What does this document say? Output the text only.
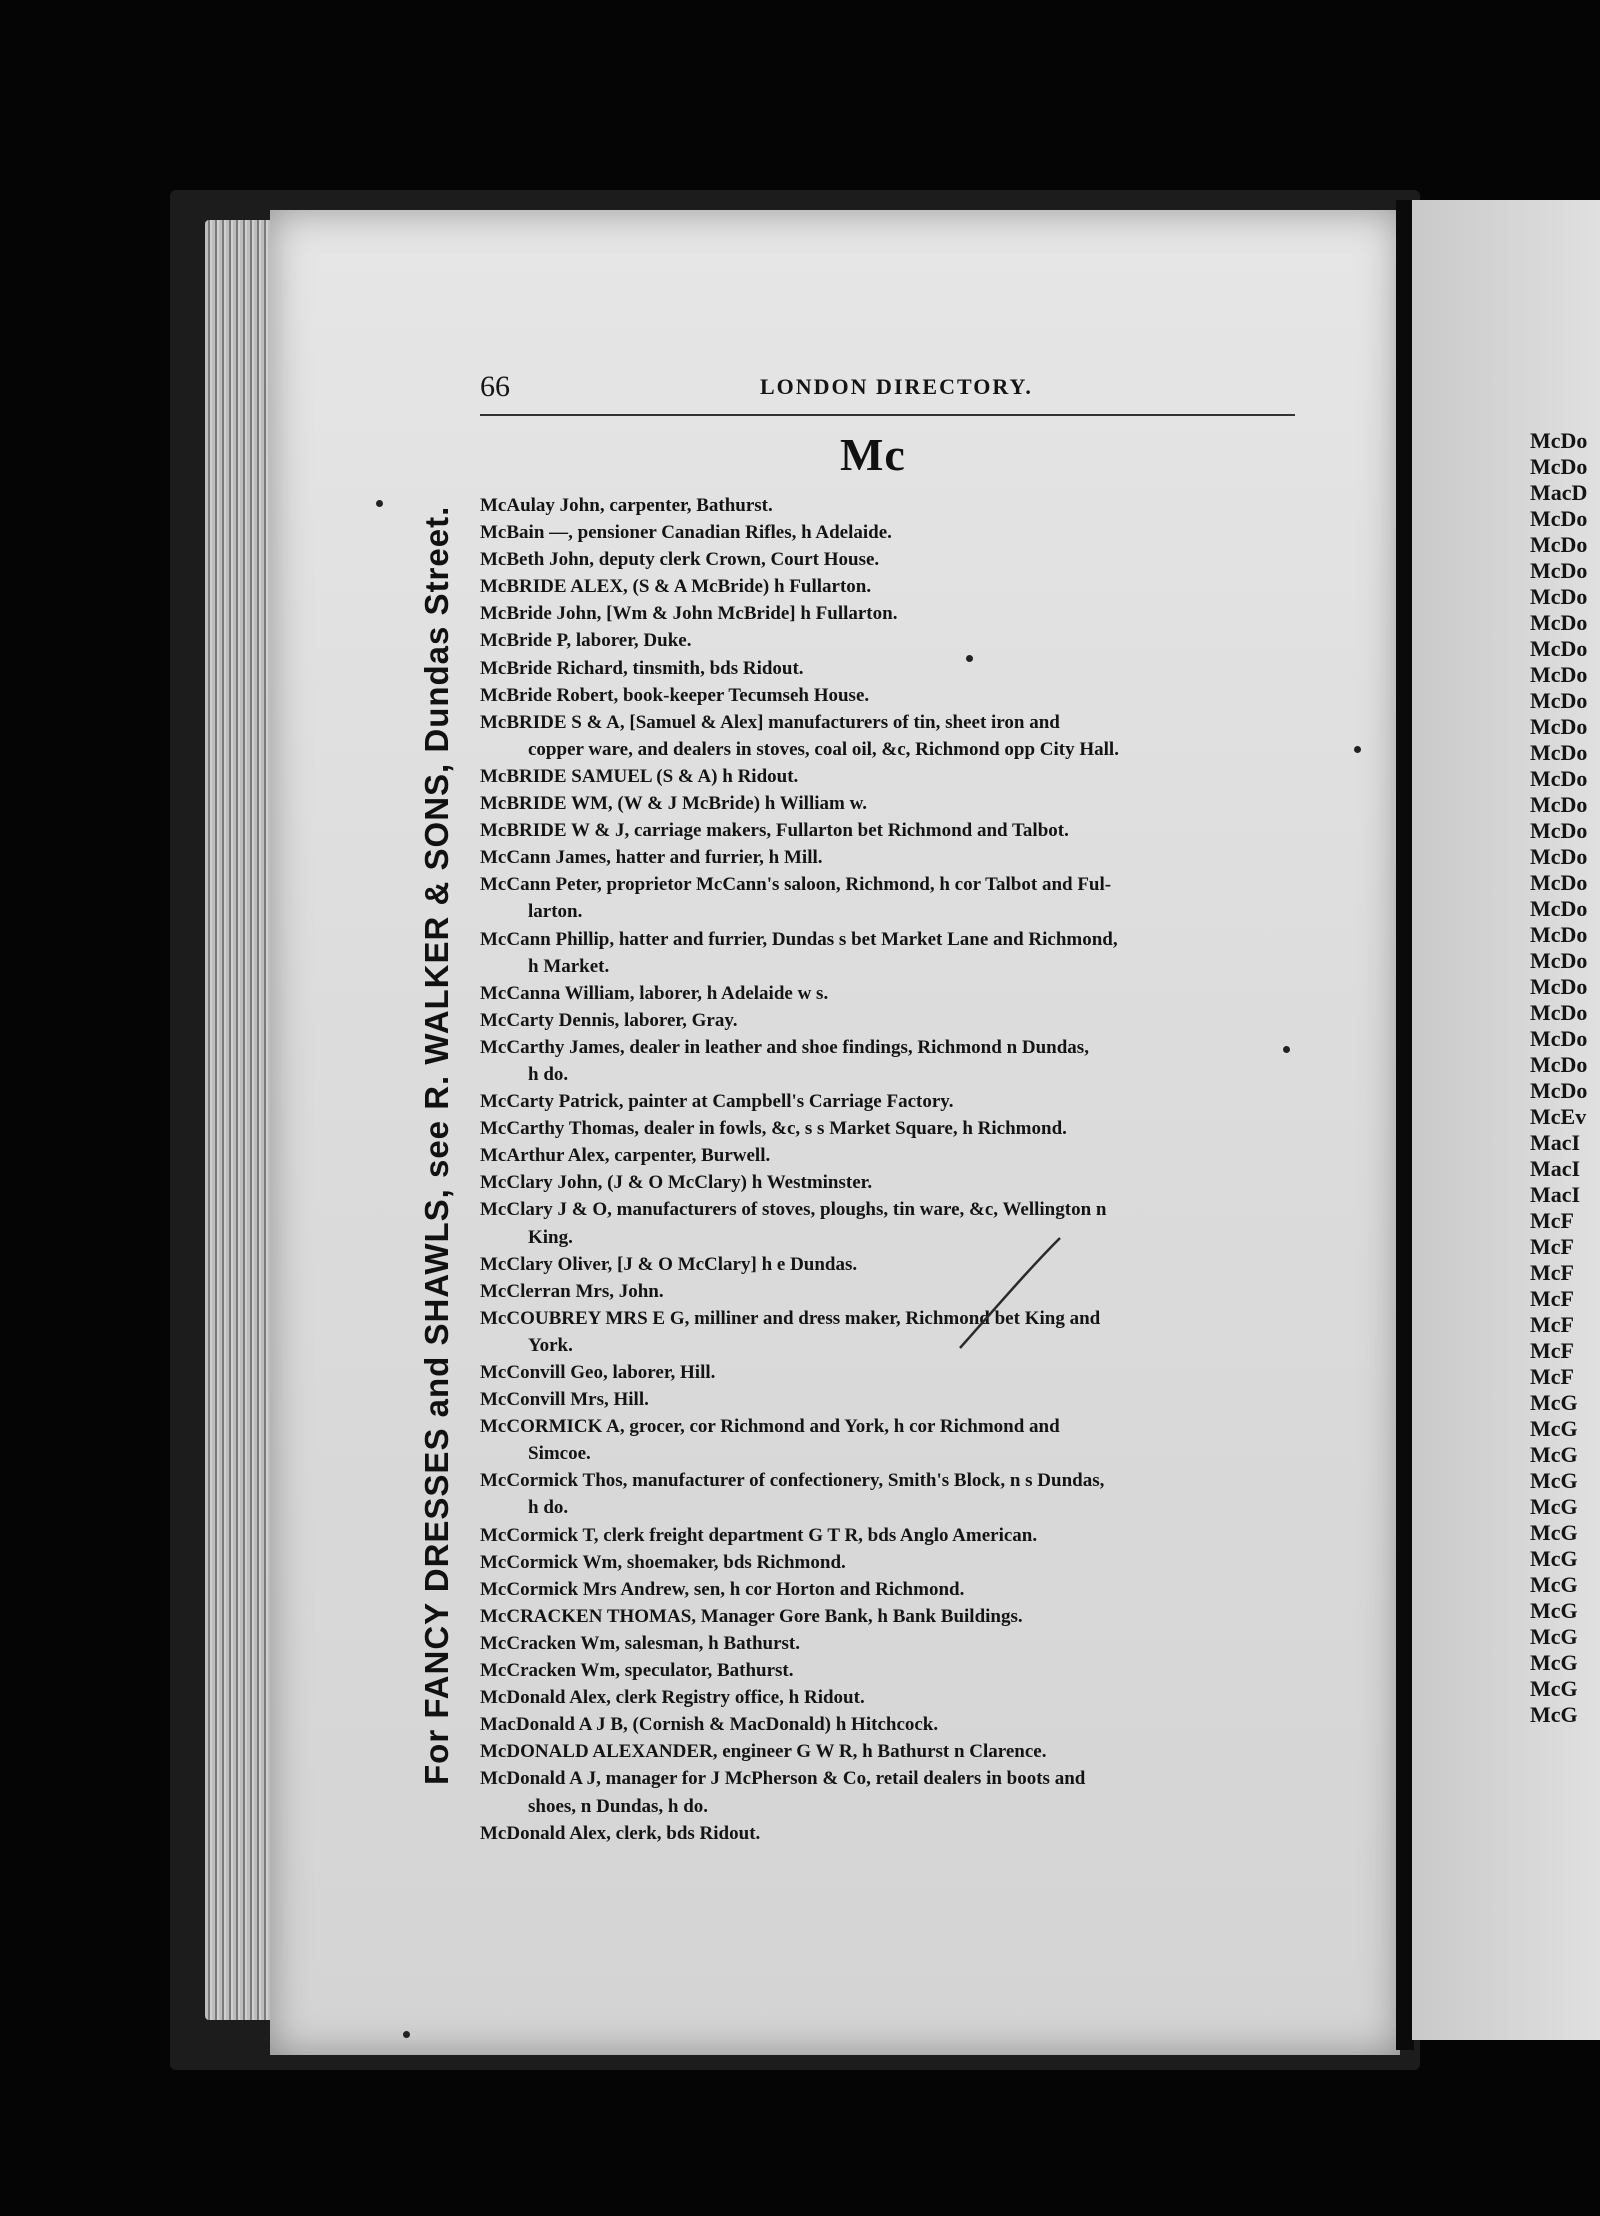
For FANCY DRESSES and SHAWLS, see R. WALKER & SONS, Dundas Street.
66	LONDON DIRECTORY.
Mc
McAulay John, carpenter, Bathurst.
McBain —, pensioner Canadian Rifles, h Adelaide.
McBeth John, deputy clerk Crown, Court House.
McBRIDE ALEX, (S & A McBride) h Fullarton.
McBride John, [Wm & John McBride] h Fullarton.
McBride P, laborer, Duke.
McBride Richard, tinsmith, bds Ridout.
McBride Robert, book-keeper Tecumseh House.
McBRIDE S & A, [Samuel & Alex] manufacturers of tin, sheet iron and
copper ware, and dealers in stoves, coal oil, &c, Richmond opp City Hall.
McBRIDE SAMUEL (S & A) h Ridout.
McBRIDE WM, (W & J McBride) h William w.
McBRIDE W & J, carriage makers, Fullarton bet Richmond and Talbot.
McCann James, hatter and furrier, h Mill.
McCann Peter, proprietor McCann's saloon, Richmond, h cor Talbot and Ful-
larton.
McCann Phillip, hatter and furrier, Dundas s bet Market Lane and Richmond,
h Market.
McCanna William, laborer, h Adelaide w s.
McCarty Dennis, laborer, Gray.
McCarthy James, dealer in leather and shoe findings, Richmond n Dundas,
h do.
McCarty Patrick, painter at Campbell's Carriage Factory.
McCarthy Thomas, dealer in fowls, &c, s s Market Square, h Richmond.
McArthur Alex, carpenter, Burwell.
McClary John, (J & O McClary) h Westminster.
McClary J & O, manufacturers of stoves, ploughs, tin ware, &c, Wellington n
King.
McClary Oliver, [J & O McClary] h e Dundas.
McClerran Mrs, John.
McCOUBREY MRS E G, milliner and dress maker, Richmond bet King and
York.
McConvill Geo, laborer, Hill.
McConvill Mrs, Hill.
McCORMICK A, grocer, cor Richmond and York, h cor Richmond and
Simcoe.
McCormick Thos, manufacturer of confectionery, Smith's Block, n s Dundas,
h do.
McCormick T, clerk freight department G T R, bds Anglo American.
McCormick Wm, shoemaker, bds Richmond.
McCormick Mrs Andrew, sen, h cor Horton and Richmond.
McCRACKEN THOMAS, Manager Gore Bank, h Bank Buildings.
McCracken Wm, salesman, h Bathurst.
McCracken Wm, speculator, Bathurst.
McDonald Alex, clerk Registry office, h Ridout.
MacDonald A J B, (Cornish & MacDonald) h Hitchcock.
McDONALD ALEXANDER, engineer G W R, h Bathurst n Clarence.
McDonald A J, manager for J McPherson & Co, retail dealers in boots and
shoes, n Dundas, h do.
McDonald Alex, clerk, bds Ridout.
McDo
McDo
MacD
McDo
McDo
McDo
McDo
McDo
McDo
McDo
McDo
McDo
McDo
McDo
McDo
McDo
McDo
McDo
McDo
McDo
McDo
McDo
McDo
McDo
McDo
McDo
McEv
MacI
MacI
MacI
McF
McF
McF
McF
McF
McF
McF
McG
McG
McG
McG
McG
McG
McG
McG
McG
McG
McG
McG
McG
